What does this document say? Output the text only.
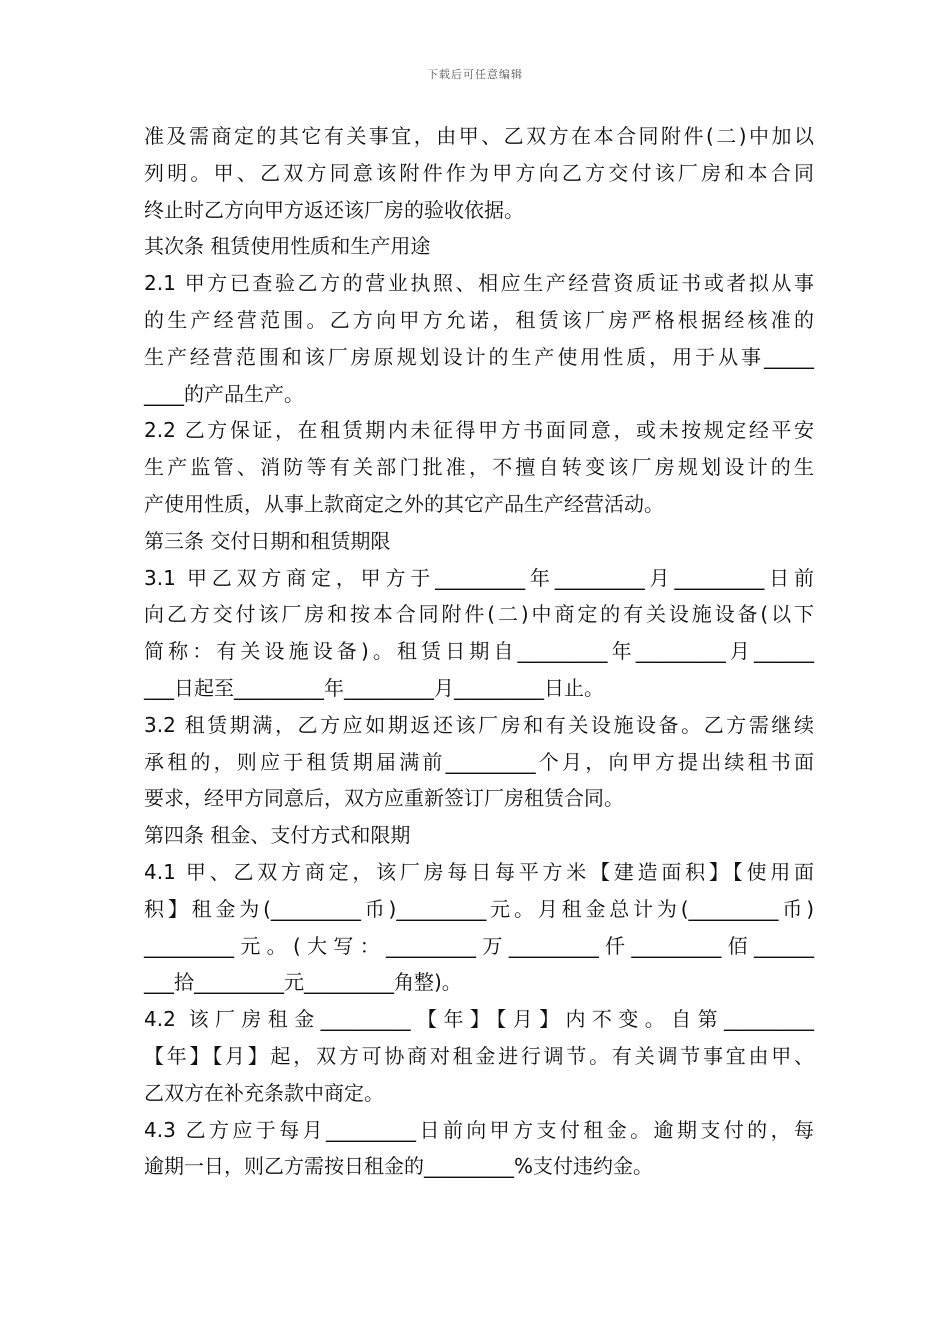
下载后可任意编辑
准及需商定的其它有关事宜，由甲、乙双方在本合同附件(二)中加以
列明。甲、乙双方同意该附件作为甲方向乙方交付该厂房和本合同
终止时乙方向甲方返还该厂房的验收依据。
其次条 租赁使用性质和生产用途
2.1 甲方已查验乙方的营业执照、相应生产经营资质证书或者拟从事
的生产经营范围。乙方向甲方允诺，租赁该厂房严格根据经核准的
生产经营范围和该厂房原规划设计的生产使用性质，用于从事_____
____的产品生产。
2.2 乙方保证，在租赁期内未征得甲方书面同意，或未按规定经平安
生产监管、消防等有关部门批准，不擅自转变该厂房规划设计的生
产使用性质，从事上款商定之外的其它产品生产经营活动。
第三条 交付日期和租赁期限
3.1 甲乙双方商定，甲方于_________年_________月_________日前
向乙方交付该厂房和按本合同附件(二)中商定的有关设施设备(以下
简称：有关设施设备)。租赁日期自_________年_________月______
___日起至_________年_________月_________日止。
3.2 租赁期满，乙方应如期返还该厂房和有关设施设备。乙方需继续
承租的，则应于租赁期届满前_________个月，向甲方提出续租书面
要求，经甲方同意后，双方应重新签订厂房租赁合同。
第四条 租金、支付方式和限期
4.1 甲、乙双方商定，该厂房每日每平方米【建造面积】【使用面
积】租金为(_________币)_________元。月租金总计为(_________币)
_________元。(大写：_________万_________仟_________佰______
___拾_________元_________角整)。
4.2 该厂房租金_________【年】【月】内不变。自第_________
【年】【月】起，双方可协商对租金进行调节。有关调节事宜由甲、
乙双方在补充条款中商定。
4.3 乙方应于每月_________日前向甲方支付租金。逾期支付的，每
逾期一日，则乙方需按日租金的_________%支付违约金。
